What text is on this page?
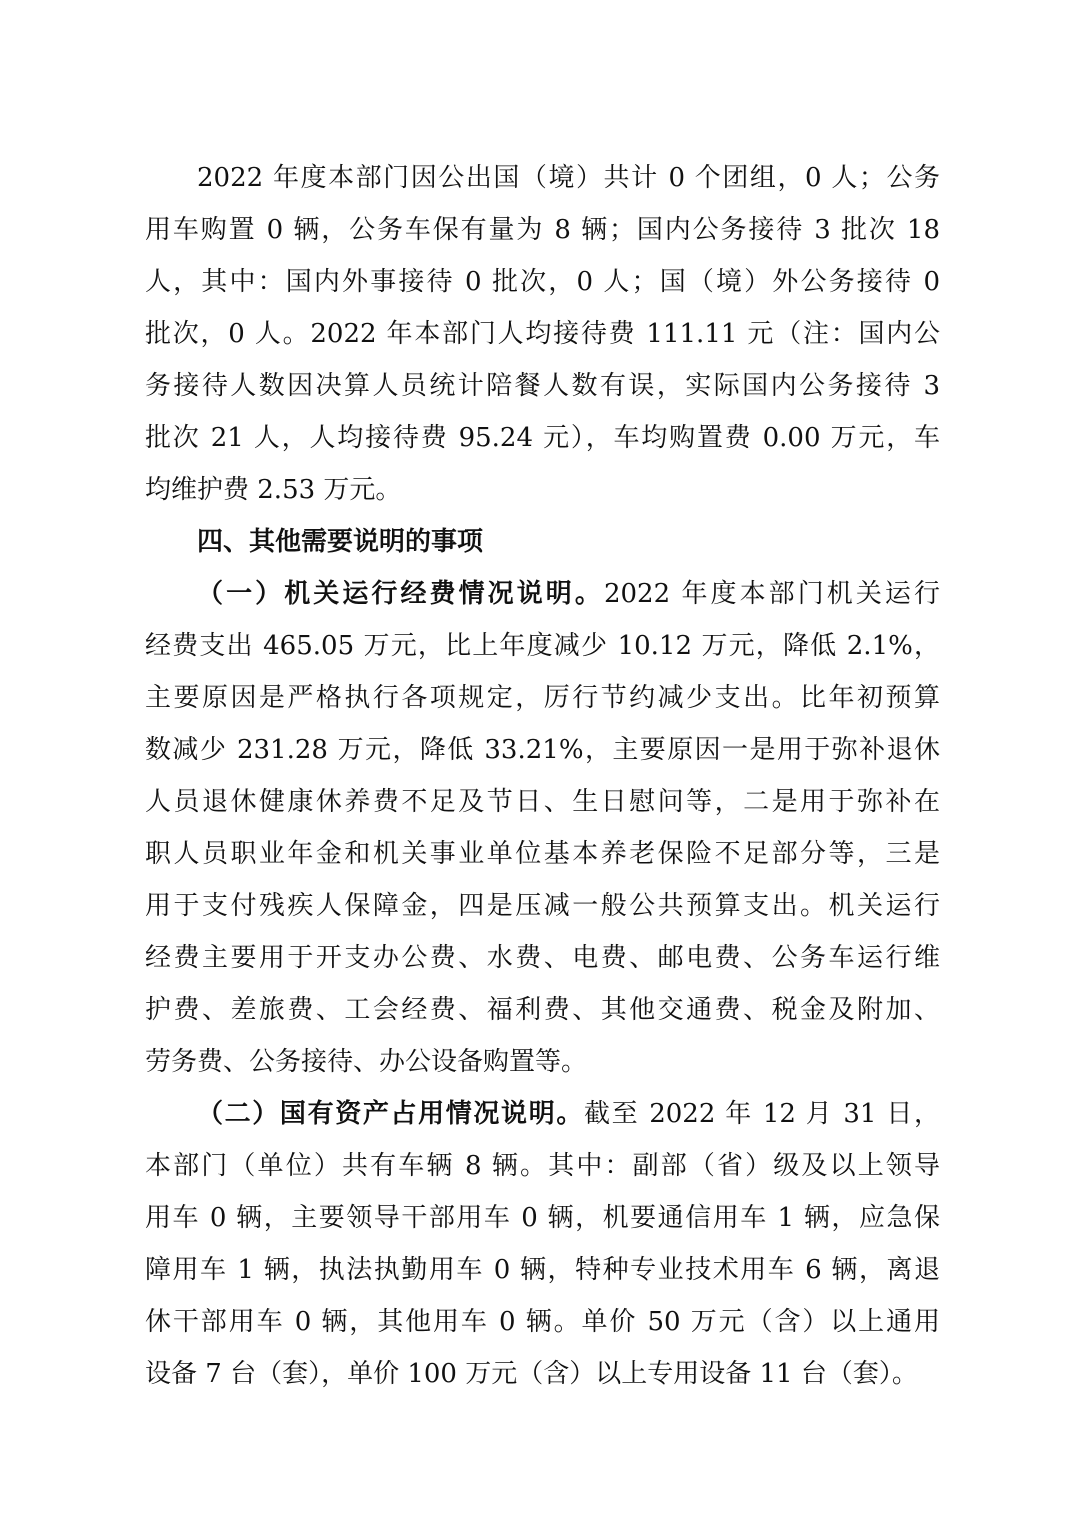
2022 年度本部门因公出国（境）共计 0 个团组，0 人；公务
用车购置 0 辆，公务车保有量为 8 辆；国内公务接待 3 批次 18
人，其中：国内外事接待 0 批次，0 人；国（境）外公务接待 0
批次，0 人。2022 年本部门人均接待费 111.11 元（注：国内公
务接待人数因决算人员统计陪餐人数有误，实际国内公务接待 3
批次 21 人，人均接待费 95.24 元），车均购置费 0.00 万元，车
均维护费 2.53 万元。
四、其他需要说明的事项
（一）机关运行经费情况说明。2022 年度本部门机关运行
经费支出 465.05 万元，比上年度减少 10.12 万元，降低 2.1%，
主要原因是严格执行各项规定，厉行节约减少支出。比年初预算
数减少 231.28 万元，降低 33.21%，主要原因一是用于弥补退休
人员退休健康休养费不足及节日、生日慰问等，二是用于弥补在
职人员职业年金和机关事业单位基本养老保险不足部分等，三是
用于支付残疾人保障金，四是压减一般公共预算支出。机关运行
经费主要用于开支办公费、水费、电费、邮电费、公务车运行维
护费、差旅费、工会经费、福利费、其他交通费、税金及附加、
劳务费、公务接待、办公设备购置等。
（二）国有资产占用情况说明。截至 2022 年 12 月 31 日，
本部门（单位）共有车辆 8 辆。其中：副部（省）级及以上领导
用车 0 辆，主要领导干部用车 0 辆，机要通信用车 1 辆，应急保
障用车 1 辆，执法执勤用车 0 辆，特种专业技术用车 6 辆，离退
休干部用车 0 辆，其他用车 0 辆。单价 50 万元（含）以上通用
设备 7 台（套），单价 100 万元（含）以上专用设备 11 台（套）。
